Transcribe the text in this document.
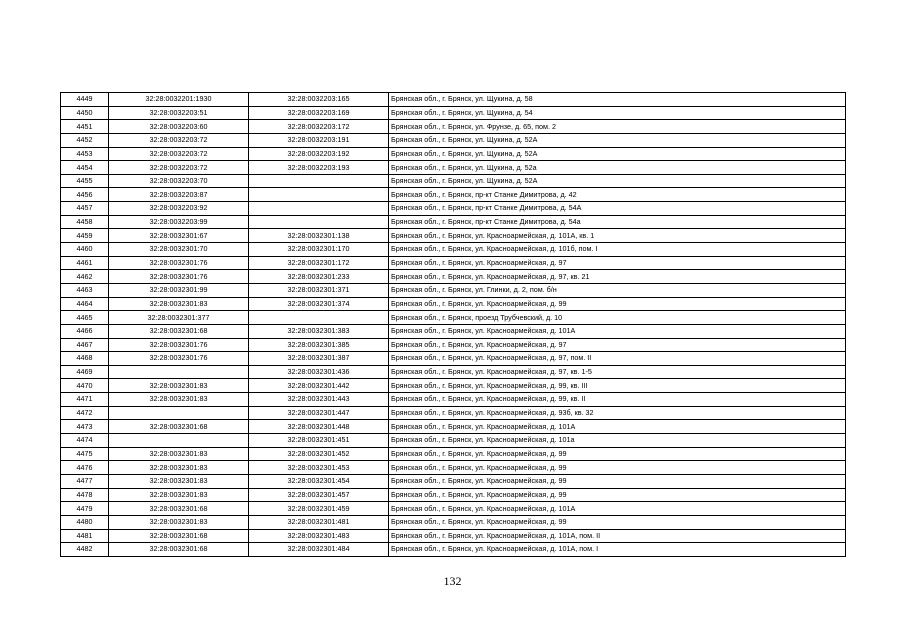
4449	32:28:0032201:1930	32:28:0032203:165	Брянская обл., г. Брянск, ул. Щукина, д. 58
4450	32:28:0032203:51	32:28:0032203:169	Брянская обл., г. Брянск, ул. Щукина, д. 54
4451	32:28:0032203:60	32:28:0032203:172	Брянская обл., г. Брянск, ул. Фрунзе, д. 65, пом. 2
4452	32:28:0032203:72	32:28:0032203:191	Брянская обл., г. Брянск, ул. Щукина, д. 52А
4453	32:28:0032203:72	32:28:0032203:192	Брянская обл., г. Брянск, ул. Щукина, д. 52А
4454	32:28:0032203:72	32:28:0032203:193	Брянская обл., г. Брянск, ул. Щукина, д. 52а
4455	32:28:0032203:70		Брянская обл., г. Брянск, ул. Щукина, д. 52А
4456	32:28:0032203:87		Брянская обл., г. Брянск, пр-кт Станке Димитрова, д. 42
4457	32:28:0032203:92		Брянская обл., г. Брянск, пр-кт Станке Димитрова, д. 54А
4458	32:28:0032203:99		Брянская обл., г. Брянск, пр-кт Станке Димитрова, д. 54а
4459	32:28:0032301:67	32:28:0032301:138	Брянская обл., г. Брянск, ул. Красноармейская, д. 101А, кв. 1
4460	32:28:0032301:70	32:28:0032301:170	Брянская обл., г. Брянск, ул. Красноармейская, д. 101б, пом. I
4461	32:28:0032301:76	32:28:0032301:172	Брянская обл., г. Брянск, ул. Красноармейская, д. 97
4462	32:28:0032301:76	32:28:0032301:233	Брянская обл., г. Брянск, ул. Красноармейская, д. 97, кв. 21
4463	32:28:0032301:99	32:28:0032301:371	Брянская обл., г. Брянск, ул. Глинки, д. 2, пом. б/н
4464	32:28:0032301:83	32:28:0032301:374	Брянская обл., г. Брянск, ул. Красноармейская, д. 99
4465	32:28:0032301:377		Брянская обл., г. Брянск, проезд Трубчевский, д. 10
4466	32:28:0032301:68	32:28:0032301:383	Брянская обл., г. Брянск, ул. Красноармейская, д. 101А
4467	32:28:0032301:76	32:28:0032301:385	Брянская обл., г. Брянск, ул. Красноармейская, д. 97
4468	32:28:0032301:76	32:28:0032301:387	Брянская обл., г. Брянск, ул. Красноармейская, д. 97, пом. II
4469		32:28:0032301:436	Брянская обл., г. Брянск, ул. Красноармейская, д. 97, кв. 1-5
4470	32:28:0032301:83	32:28:0032301:442	Брянская обл., г. Брянск, ул. Красноармейская, д. 99, кв. III
4471	32:28:0032301:83	32:28:0032301:443	Брянская обл., г. Брянск, ул. Красноармейская, д. 99, кв. II
4472		32:28:0032301:447	Брянская обл., г. Брянск, ул. Красноармейская, д. 93б, кв. 32
4473	32:28:0032301:68	32:28:0032301:448	Брянская обл., г. Брянск, ул. Красноармейская, д. 101А
4474		32:28:0032301:451	Брянская обл., г. Брянск, ул. Красноармейская, д. 101а
4475	32:28:0032301:83	32:28:0032301:452	Брянская обл., г. Брянск, ул. Красноармейская, д. 99
4476	32:28:0032301:83	32:28:0032301:453	Брянская обл., г. Брянск, ул. Красноармейская, д. 99
4477	32:28:0032301:83	32:28:0032301:454	Брянская обл., г. Брянск, ул. Красноармейская, д. 99
4478	32:28:0032301:83	32:28:0032301:457	Брянская обл., г. Брянск, ул. Красноармейская, д. 99
4479	32:28:0032301:68	32:28:0032301:459	Брянская обл., г. Брянск, ул. Красноармейская, д. 101А
4480	32:28:0032301:83	32:28:0032301:481	Брянская обл., г. Брянск, ул. Красноармейская, д. 99
4481	32:28:0032301:68	32:28:0032301:483	Брянская обл., г. Брянск, ул. Красноармейская, д. 101А, пом. II
4482	32:28:0032301:68	32:28:0032301:484	Брянская обл., г. Брянск, ул. Красноармейская, д. 101А, пом. I
132
